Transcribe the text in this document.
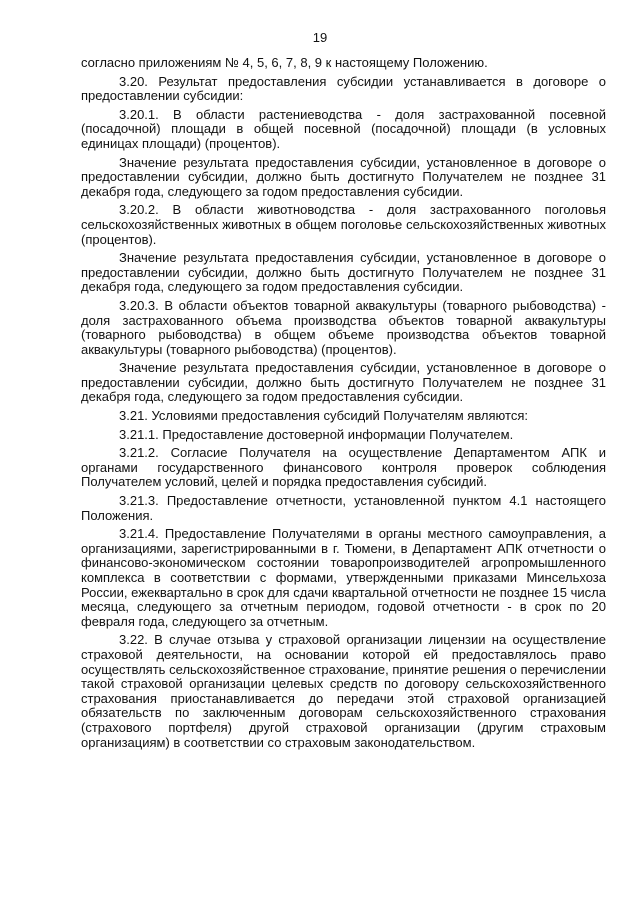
19

согласно приложениям № 4, 5, 6, 7, 8, 9 к настоящему Положению.

3.20. Результат предоставления субсидии устанавливается в договоре о предоставлении субсидии:

3.20.1. В области растениеводства - доля застрахованной посевной (посадочной) площади в общей посевной (посадочной) площади (в условных единицах площади) (процентов).

Значение результата предоставления субсидии, установленное в договоре о предоставлении субсидии, должно быть достигнуто Получателем не позднее 31 декабря года, следующего за годом предоставления субсидии.

3.20.2. В области животноводства - доля застрахованного поголовья сельскохозяйственных животных в общем поголовье сельскохозяйственных животных (процентов).

Значение результата предоставления субсидии, установленное в договоре о предоставлении субсидии, должно быть достигнуто Получателем не позднее 31 декабря года, следующего за годом предоставления субсидии.

3.20.3. В области объектов товарной аквакультуры (товарного рыбоводства) - доля застрахованного объема производства объектов товарной аквакультуры (товарного рыбоводства) в общем объеме производства объектов товарной аквакультуры (товарного рыбоводства) (процентов).

Значение результата предоставления субсидии, установленное в договоре о предоставлении субсидии, должно быть достигнуто Получателем не позднее 31 декабря года, следующего за годом предоставления субсидии.

3.21. Условиями предоставления субсидий Получателям являются:

3.21.1. Предоставление достоверной информации Получателем.

3.21.2. Согласие Получателя на осуществление Департаментом АПК и органами государственного финансового контроля проверок соблюдения Получателем условий, целей и порядка предоставления субсидий.

3.21.3. Предоставление отчетности, установленной пунктом 4.1 настоящего Положения.

3.21.4. Предоставление Получателями в органы местного самоуправления, а организациями, зарегистрированными в г. Тюмени, в Департамент АПК отчетности о финансово-экономическом состоянии товаропроизводителей агропромышленного комплекса в соответствии с формами, утвержденными приказами Минсельхоза России, ежеквартально в срок для сдачи квартальной отчетности не позднее 15 числа месяца, следующего за отчетным периодом, годовой отчетности - в срок по 20 февраля года, следующего за отчетным.

3.22. В случае отзыва у страховой организации лицензии на осуществление страховой деятельности, на основании которой ей предоставлялось право осуществлять сельскохозяйственное страхование, принятие решения о перечислении такой страховой организации целевых средств по договору сельскохозяйственного страхования приостанавливается до передачи этой страховой организацией обязательств по заключенным договорам сельскохозяйственного страхования (страхового портфеля) другой страховой организации (другим страховым организациям) в соответствии со страховым законодательством.
